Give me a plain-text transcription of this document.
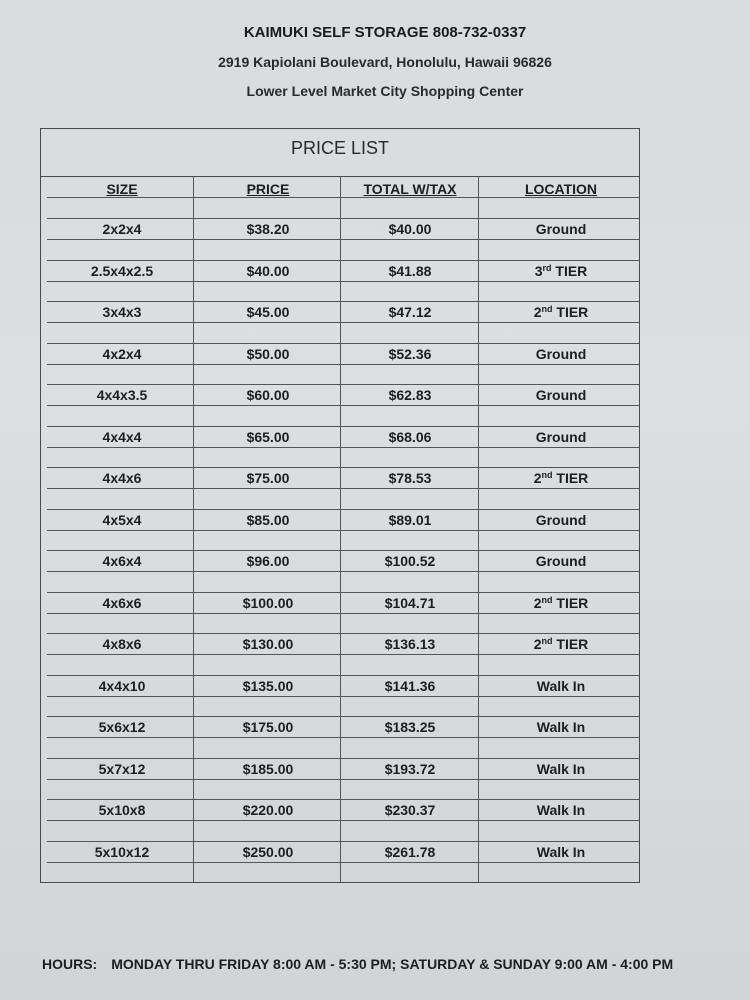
KAIMUKI SELF STORAGE 808-732-0337
2919 Kapiolani Boulevard, Honolulu, Hawaii 96826
Lower Level Market City Shopping Center
PRICE LIST
SIZE	PRICE	TOTAL W/TAX	LOCATION
2x2x4	$38.20	$40.00	Ground
2.5x4x2.5	$40.00	$41.88	3rd TIER
3x4x3	$45.00	$47.12	2nd TIER
4x2x4	$50.00	$52.36	Ground
4x4x3.5	$60.00	$62.83	Ground
4x4x4	$65.00	$68.06	Ground
4x4x6	$75.00	$78.53	2nd TIER
4x5x4	$85.00	$89.01	Ground
4x6x4	$96.00	$100.52	Ground
4x6x6	$100.00	$104.71	2nd TIER
4x8x6	$130.00	$136.13	2nd TIER
4x4x10	$135.00	$141.36	Walk In
5x6x12	$175.00	$183.25	Walk In
5x7x12	$185.00	$193.72	Walk In
5x10x8	$220.00	$230.37	Walk In
5x10x12	$250.00	$261.78	Walk In
HOURS: MONDAY THRU FRIDAY 8:00 AM - 5:30 PM; SATURDAY & SUNDAY 9:00 AM - 4:00 PM
